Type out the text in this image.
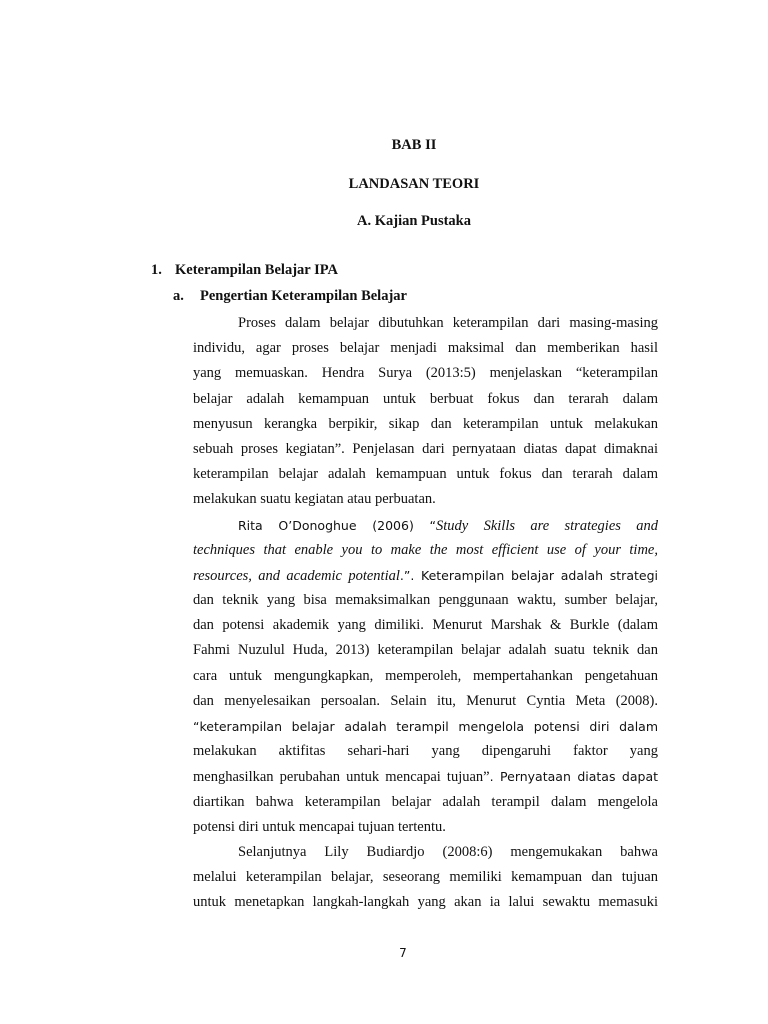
BAB II
LANDASAN TEORI
A. Kajian Pustaka
1. Keterampilan Belajar IPA
a. Pengertian Keterampilan Belajar
Proses dalam belajar dibutuhkan keterampilan dari masing-masing
individu, agar proses belajar menjadi maksimal dan memberikan hasil
yang memuaskan. Hendra Surya (2013:5) menjelaskan “keterampilan
belajar adalah kemampuan untuk berbuat fokus dan terarah dalam
menyusun kerangka berpikir, sikap dan keterampilan untuk melakukan
sebuah proses kegiatan”. Penjelasan dari pernyataan diatas dapat dimaknai
keterampilan belajar adalah kemampuan untuk fokus dan terarah dalam
melakukan suatu kegiatan atau perbuatan.
Rita O’Donoghue (2006) “Study Skills are strategies and
techniques that enable you to make the most efficient use of your time,
resources, and academic potential.”. Keterampilan belajar adalah strategi
dan teknik yang bisa memaksimalkan penggunaan waktu, sumber belajar,
dan potensi akademik yang dimiliki. Menurut Marshak & Burkle (dalam
Fahmi Nuzulul Huda, 2013) keterampilan belajar adalah suatu teknik dan
cara untuk mengungkapkan, memperoleh, mempertahankan pengetahuan
dan menyelesaikan persoalan. Selain itu, Menurut Cyntia Meta (2008).
“keterampilan belajar adalah terampil mengelola potensi diri dalam
melakukan aktifitas sehari-hari yang dipengaruhi faktor yang
menghasilkan perubahan untuk mencapai tujuan”. Pernyataan diatas dapat
diartikan bahwa keterampilan belajar adalah terampil dalam mengelola
potensi diri untuk mencapai tujuan tertentu.
Selanjutnya Lily Budiardjo (2008:6) mengemukakan bahwa
melalui keterampilan belajar, seseorang memiliki kemampuan dan tujuan
untuk menetapkan langkah-langkah yang akan ia lalui sewaktu memasuki
7
